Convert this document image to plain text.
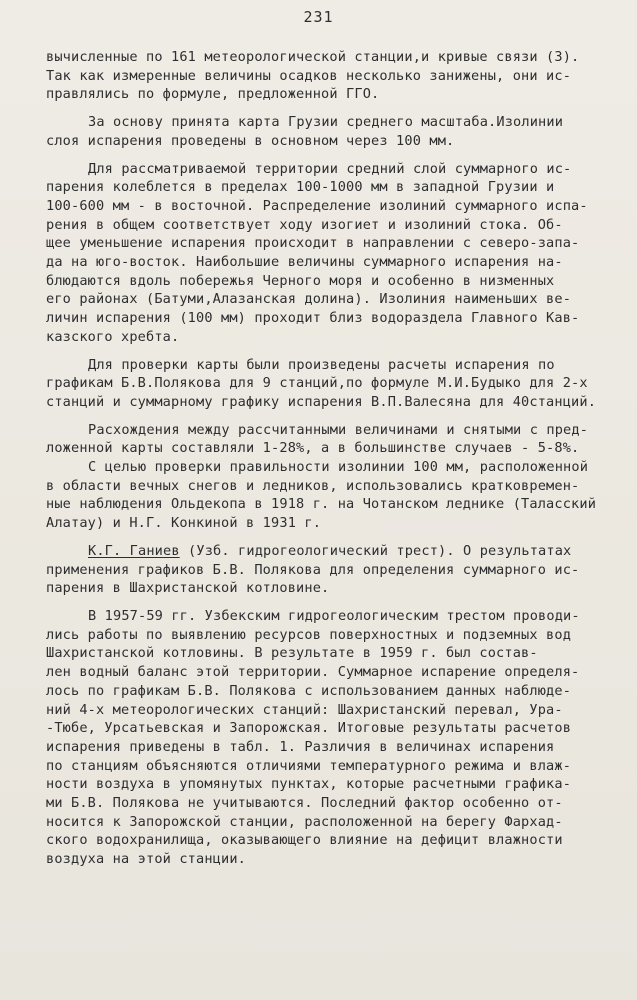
231
вычисленные по 161 метеорологической станции,и кривые связи (3).
Так как измеренные величины осадков несколько занижены, они ис-
правлялись по формуле, предложенной ГГО.
За основу принята карта Грузии среднего масштаба.Изолинии
слоя испарения проведены в основном через 100 мм.
Для рассматриваемой территории средний слой суммарного ис-
парения колеблется в пределах 100-1000 мм в западной Грузии и
100-600 мм - в восточной. Распределение изолиний суммарного испа-
рения в общем соответствует ходу изогиет и изолиний стока. Об-
щее уменьшение испарения происходит в направлении с северо-запа-
да на юго-восток. Наибольшие величины суммарного испарения на-
блюдаются вдоль побережья Черного моря и особенно в низменных
его районах (Батуми,Алазанская долина). Изолиния наименьших ве-
личин испарения (100 мм) проходит близ водораздела Главного Кав-
казского хребта.
Для проверки карты были произведены расчеты испарения по
графикам Б.В.Полякова для 9 станций,по формуле М.И.Будыко для 2-х
станций и суммарному графику испарения В.П.Валесяна для 40станций.
Расхождения между рассчитанными величинами и снятыми с пред-
ложенной карты составляли 1-28%, а в большинстве случаев - 5-8%.
С целью проверки правильности изолинии 100 мм, расположенной
в области вечных снегов и ледников, использовались кратковремен-
ные наблюдения Ольдекопа в 1918 г. на Чотанском леднике (Таласский
Алатау) и Н.Г. Конкиной в 1931 г.
К.Г. Ганиев (Узб. гидрогеологический трест). О результатах
применения графиков Б.В. Полякова для определения суммарного ис-
парения в Шахристанской котловине.
В 1957-59 гг. Узбекским гидрогеологическим трестом проводи-
лись работы по выявлению ресурсов поверхностных и подземных вод
Шахристанской котловины. В результате в 1959 г. был состав-
лен водный баланс этой территории. Суммарное испарение определя-
лось по графикам Б.В. Полякова с использованием данных наблюде-
ний 4-х метеорологических станций: Шахристанский перевал, Ура-
-Тюбе, Урсатьевская и Запорожская. Итоговые результаты расчетов
испарения приведены в табл. 1. Различия в величинах испарения
по станциям объясняются отличиями температурного режима и влаж-
ности воздуха в упомянутых пунктах, которые расчетными графика-
ми Б.В. Полякова не учитываются. Последний фактор особенно от-
носится к Запорожской станции, расположенной на берегу Фархад-
ского водохранилища, оказывающего влияние на дефицит влажности
воздуха на этой станции.
